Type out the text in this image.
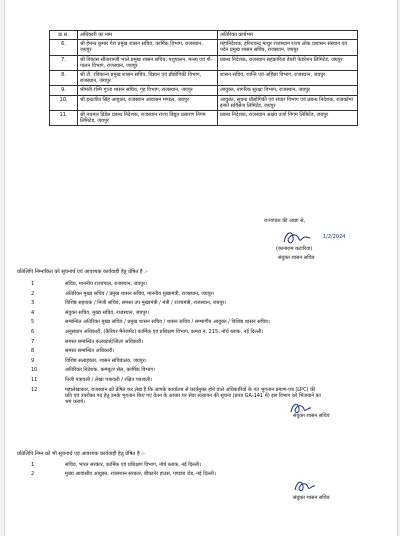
क्र.स.	अधिकारी का नाम	अतिरिक्त कार्यभार
6.	श्री हेमन्त कुमार गेरा प्रमुख शासन सचिव, कार्मिक विभाग, राजस्थान, जयपुर	महानिदेशक, हरिशचन्द्र माथुर राजस्थान राज्य लोक प्रशासन संस्थान एवं पदेन प्रमुख शासन सचिव, राजस्थान, जयपुर
7.	श्री विकास सीताराम्जी भाले प्रमुख शासन सचिव, पशुपालन, मत्स्य एवं गौ-पालन विभाग, राजस्थान, जयपुर	प्रबन्ध निदेशक, राजस्थान सहकारिता डेयरी फेडरेशन लिमिटेड, जयपुर
8.	श्री टी. रविकान्त प्रमुख शासन सचिव, विज्ञान एवं प्रौद्योगिकी विभाग, राजस्थान, जयपुर	शासन सचिव, शान्ति एवं अहिंसा विभाग, राजस्थान, जयपुर
9.	श्रीमती रश्मि गुप्ता शासन सचिव, गृह विभाग, राजस्थान, जयपुर	आयुक्त, नागरिक सुरक्षा विभाग, राजस्थान, जयपुर
10.	श्री इन्द्रजीत सिंह आयुक्त, राजस्थान आवासन मण्डल, जयपुर	आयुक्त, सूचना प्रौद्योगिकी एवं संचार विभाग एवं प्रबन्ध निदेशक, राजकॉम्प इन्फो सर्विसेज लिमिटेड, जयपुर
11.	श्री नथमल डिडेल प्रबन्ध निदेशक, राजस्थान राज्य विद्युत प्रसारण निगम लिमिटेड, जयपुर	प्रबन्ध निदेशक, राजस्थान अक्षय उर्जा निगम लिमिटेड, जयपुर
राज्यपाल की आज्ञा से,
1/2/2024
(कानाराम कटारिया)
संयुक्त शासन सचिव
प्रतिलिपि निम्नांकित को सूचनार्थ एवं आवश्यक कार्यवाही हेतु प्रेषित है :-
1	सचिव, माननीय राज्यपाल, राजस्थान, जयपुर।
2	अतिरिक्त मुख्य सचिव / प्रमुख शासन सचिव, माननीय मुख्यमंत्री, राजस्थान, जयपुर।
3	विशिष्ठ सहायक / निजी सचिव, समस्त उप मुख्यमंत्री / मंत्री / राज्यमंत्री, राजस्थान, जयपुर।
4	संयुक्त सचिव, मुख्य सचिव, राजस्थान, जयपुर।
5	सम्बन्धित अतिरिक्त मुख्य सचिव / प्रमुख शासन सचिव / शासन सचिव / सम्भागीय आयुक्त / विशिष्ठ शासन सचिव।
6	अनुसंधान अधिकारी, (कैरियर मैनेजमेंट) कार्मिक एवं प्रशिक्षण विभाग, कमरा नं. 215, नॉर्थ ब्लाक, नई दिल्ली।
7	समस्त सम्बन्धित कलक्टर्स/जिला अधिकारी।
8	समस्त सम्बन्धित अधिकारी।
9	विशिष्ट सलाहकार, शासन सचिवालय, जयपुर।
10	अतिरिक्त निदेशक, कम्प्यूटर सेल, कार्मिक विभाग।
11	निजी पत्रावली / लेखा पत्रावली / रक्षित पत्रावली।
12	महालेखाकार, राजस्थान को प्रेषित कर लेख है कि आपके कार्यालय से कार्यमुक्त होने वाले अधिकारियों के गत भुगतान प्रमाण-पत्र (LPC) की प्रति एवं उपरोक्त पद हेतु उनके भुगतान किए गए वेतन के आधार पर सेवा सत्यापन की सूचना (प्रपत्र GA-141 में) इस विभाग को भिजवाने का श्रम करावे।
संयुक्त शासन सचिव
प्रतिलिपि निम्न को भी सूचनार्थ एवं आवश्यक कार्यवाही हेतु प्रेषित है :-
1	सचिव, भारत सरकार, कार्मिक एवं प्रशिक्षण विभाग, नॉर्थ ब्लाक, नई दिल्ली।
2	मुख्य आवासीय आयुक्त, राजस्थान सरकार, बीकानेर हाउस, पण्डारा रोड, नई दिल्ली।
संयुक्त शासन सचिव
